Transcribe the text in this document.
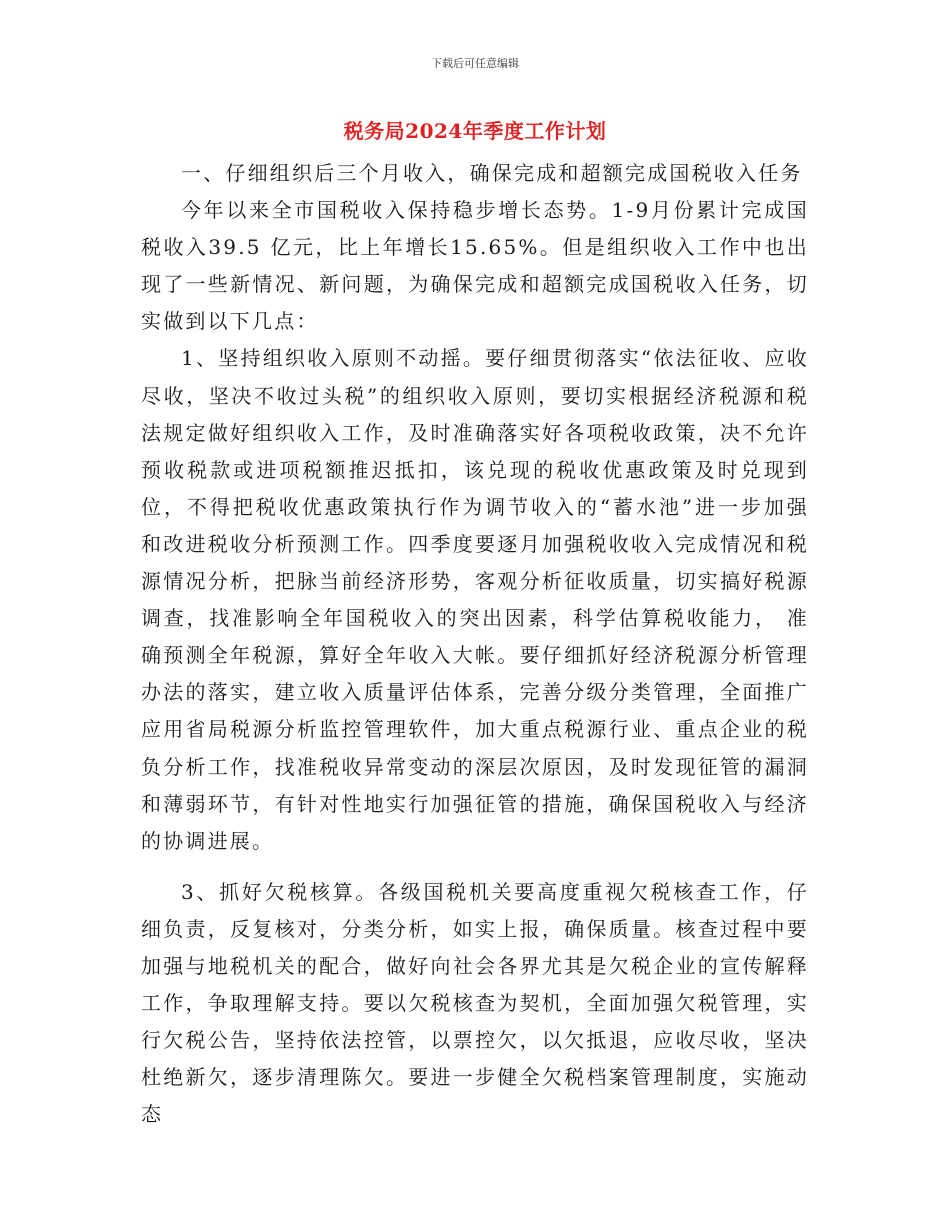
下载后可任意编辑
税务局2024年季度工作计划

一、仔细组织后三个月收入，确保完成和超额完成国税收入任务

今年以来全市国税收入保持稳步增长态势。1-9月份累计完成国税收入39.5 亿元，比上年增长15.65%。但是组织收入工作中也出现了一些新情况、新问题，为确保完成和超额完成国税收入任务，切实做到以下几点：

1、坚持组织收入原则不动摇。要仔细贯彻落实“依法征收、应收尽收，坚决不收过头税”的组织收入原则，要切实根据经济税源和税法规定做好组织收入工作，及时准确落实好各项税收政策，决不允许预收税款或进项税额推迟抵扣，该兑现的税收优惠政策及时兑现到位，不得把税收优惠政策执行作为调节收入的“蓄水池”进一步加强和改进税收分析预测工作。四季度要逐月加强税收收入完成情况和税源情况分析，把脉当前经济形势，客观分析征收质量，切实搞好税源调查，找准影响全年国税收入的突出因素，科学估算税收能力， 准确预测全年税源，算好全年收入大帐。要仔细抓好经济税源分析管理办法的落实，建立收入质量评估体系，完善分级分类管理，全面推广应用省局税源分析监控管理软件，加大重点税源行业、重点企业的税负分析工作，找准税收异常变动的深层次原因，及时发现征管的漏洞和薄弱环节，有针对性地实行加强征管的措施，确保国税收入与经济的协调进展。

3、抓好欠税核算。各级国税机关要高度重视欠税核查工作，仔细负责，反复核对，分类分析，如实上报，确保质量。核查过程中要加强与地税机关的配合，做好向社会各界尤其是欠税企业的宣传解释工作，争取理解支持。要以欠税核查为契机，全面加强欠税管理，实行欠税公告，坚持依法控管，以票控欠，以欠抵退，应收尽收，坚决杜绝新欠，逐步清理陈欠。要进一步健全欠税档案管理制度，实施动态
